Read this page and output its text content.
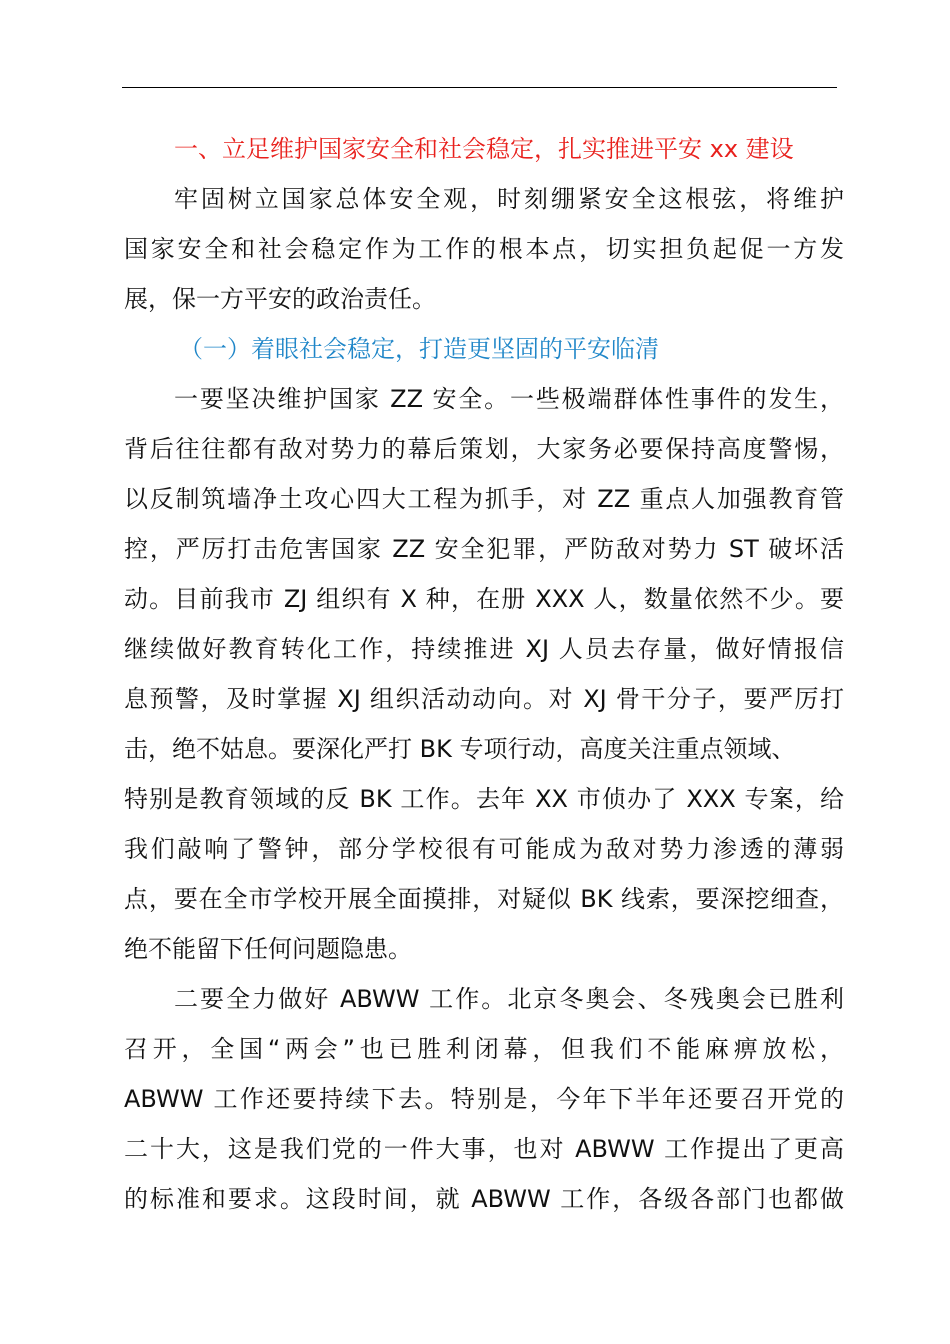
一、立足维护国家安全和社会稳定，扎实推进平安 xx 建设
牢固树立国家总体安全观，时刻绷紧安全这根弦，将维护
国家安全和社会稳定作为工作的根本点，切实担负起促一方发
展，保一方平安的政治责任。
（一）着眼社会稳定，打造更坚固的平安临清
一要坚决维护国家 ZZ 安全。一些极端群体性事件的发生，
背后往往都有敌对势力的幕后策划，大家务必要保持高度警惕，
以反制筑墙净土攻心四大工程为抓手，对 ZZ 重点人加强教育管
控，严厉打击危害国家 ZZ 安全犯罪，严防敌对势力 ST 破坏活
动。目前我市 ZJ 组织有 X 种，在册 XXX 人，数量依然不少。要
继续做好教育转化工作，持续推进 XJ 人员去存量，做好情报信
息预警，及时掌握 XJ 组织活动动向。对 XJ 骨干分子，要严厉打
击，绝不姑息。要深化严打 BK 专项行动，高度关注重点领域、
特别是教育领域的反 BK 工作。去年 XX 市侦办了 XXX 专案，给
我们敲响了警钟，部分学校很有可能成为敌对势力渗透的薄弱
点，要在全市学校开展全面摸排，对疑似 BK 线索，要深挖细查，
绝不能留下任何问题隐患。
二要全力做好 ABWW 工作。北京冬奥会、冬残奥会已胜利
召开，全国“两会”也已胜利闭幕，但我们不能麻痹放松，
ABWW 工作还要持续下去。特别是，今年下半年还要召开党的
二十大，这是我们党的一件大事，也对 ABWW 工作提出了更高
的标准和要求。这段时间，就 ABWW 工作，各级各部门也都做
